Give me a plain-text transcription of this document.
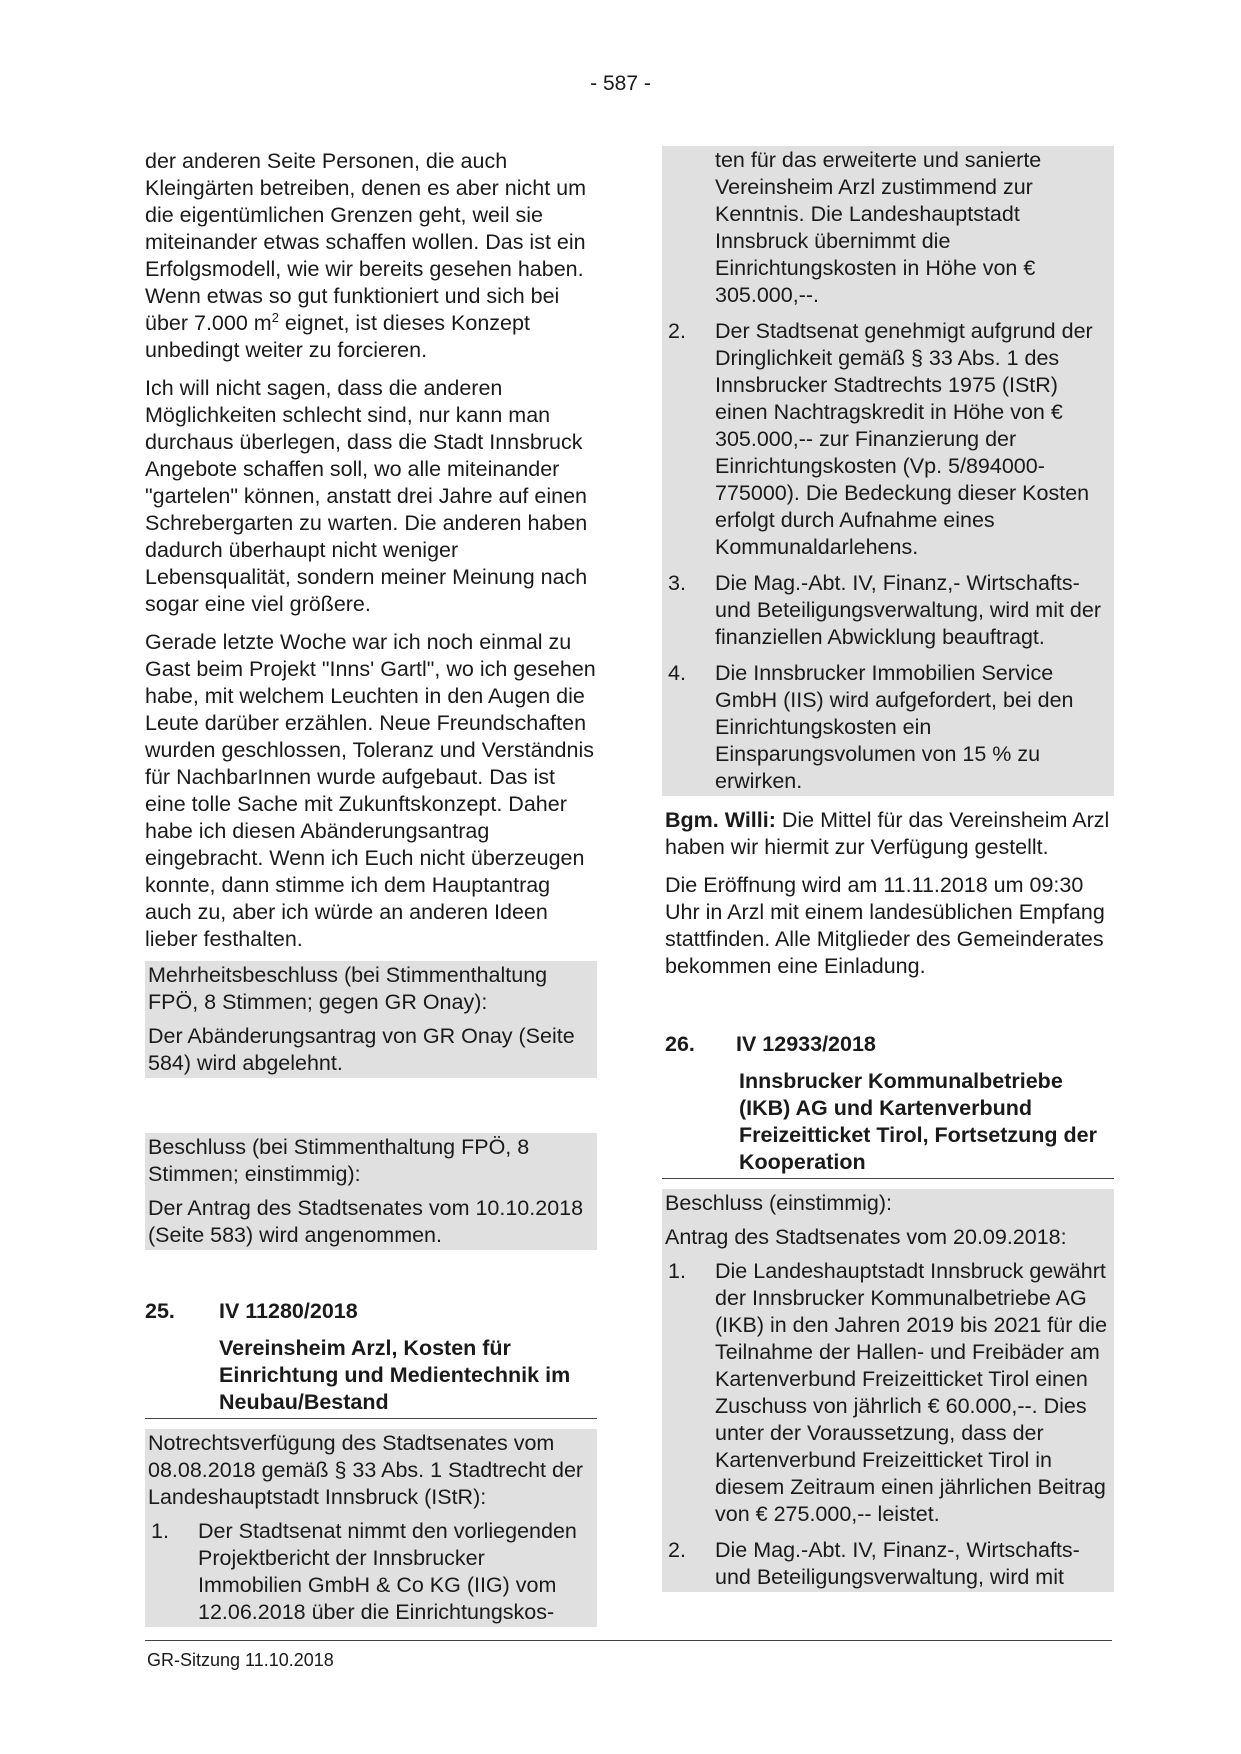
- 587 -

der anderen Seite Personen, die auch Kleingärten betreiben, denen es aber nicht um die eigentümlichen Grenzen geht, weil sie miteinander etwas schaffen wollen. Das ist ein Erfolgsmodell, wie wir bereits gesehen haben. Wenn etwas so gut funktioniert und sich bei über 7.000 $m^2$ eignet, ist dieses Konzept unbedingt weiter zu forcieren.

Ich will nicht sagen, dass die anderen Möglichkeiten schlecht sind, nur kann man durchaus überlegen, dass die Stadt Innsbruck Angebote schaffen soll, wo alle miteinander "gartelen" können, anstatt drei Jahre auf einen Schrebergarten zu warten. Die anderen haben dadurch überhaupt nicht weniger Lebensqualität, sondern meiner Meinung nach sogar eine viel größere.

Gerade letzte Woche war ich noch einmal zu Gast beim Projekt "Inns' Gartl", wo ich gesehen habe, mit welchem Leuchten in den Augen die Leute darüber erzählen. Neue Freundschaften wurden geschlossen, Toleranz und Verständnis für NachbarInnen wurde aufgebaut. Das ist eine tolle Sache mit Zukunftskonzept. Daher habe ich diesen Abänderungsantrag eingebracht. Wenn ich Euch nicht überzeugen konnte, dann stimme ich dem Hauptantrag auch zu, aber ich würde an anderen Ideen lieber festhalten.

Mehrheitsbeschluss (bei Stimmenthaltung FPÖ, 8 Stimmen; gegen GR Onay):

Der Abänderungsantrag von GR Onay (Seite 584) wird abgelehnt.

Beschluss (bei Stimmenthaltung FPÖ, 8 Stimmen; einstimmig):

Der Antrag des Stadtsenates vom 10.10.2018 (Seite 583) wird angenommen.

25.	IV 11280/2018
Vereinsheim Arzl, Kosten für Einrichtung und Medientechnik im Neubau/Bestand

Notrechtsverfügung des Stadtsenates vom 08.08.2018 gemäß § 33 Abs. 1 Stadtrecht der Landeshauptstadt Innsbruck (IStR):

1.	Der Stadtsenat nimmt den vorliegenden Projektbericht der Innsbrucker Immobilien GmbH & Co KG (IIG) vom 12.06.2018 über die Einrichtungskos-

ten für das erweiterte und sanierte Vereinsheim Arzl zustimmend zur Kenntnis. Die Landeshauptstadt Innsbruck übernimmt die Einrichtungskosten in Höhe von € 305.000,--.

2.	Der Stadtsenat genehmigt aufgrund der Dringlichkeit gemäß § 33 Abs. 1 des Innsbrucker Stadtrechts 1975 (IStR) einen Nachtragskredit in Höhe von € 305.000,-- zur Finanzierung der Einrichtungskosten (Vp. 5/894000-775000). Die Bedeckung dieser Kosten erfolgt durch Aufnahme eines Kommunaldarlehens.
3.	Die Mag.-Abt. IV, Finanz,- Wirtschafts- und Beteiligungsverwaltung, wird mit der finanziellen Abwicklung beauftragt.
4.	Die Innsbrucker Immobilien Service GmbH (IIS) wird aufgefordert, bei den Einrichtungskosten ein Einsparungsvolumen von 15 % zu erwirken.

Bgm. Willi: Die Mittel für das Vereinsheim Arzl haben wir hiermit zur Verfügung gestellt.

Die Eröffnung wird am 11.11.2018 um 09:30 Uhr in Arzl mit einem landesüblichen Empfang stattfinden. Alle Mitglieder des Gemeinderates bekommen eine Einladung.

26.	IV 12933/2018
Innsbrucker Kommunalbetriebe (IKB) AG und Kartenverbund Freizeitticket Tirol, Fortsetzung der Kooperation

Beschluss (einstimmig):

Antrag des Stadtsenates vom 20.09.2018:

1.	Die Landeshauptstadt Innsbruck gewährt der Innsbrucker Kommunalbetriebe AG (IKB) in den Jahren 2019 bis 2021 für die Teilnahme der Hallen- und Freibäder am Kartenverbund Freizeitticket Tirol einen Zuschuss von jährlich € 60.000,--. Dies unter der Voraussetzung, dass der Kartenverbund Freizeitticket Tirol in diesem Zeitraum einen jährlichen Beitrag von € 275.000,-- leistet.
2.	Die Mag.-Abt. IV, Finanz-, Wirtschafts- und Beteiligungsverwaltung, wird mit
GR-Sitzung 11.10.2018
